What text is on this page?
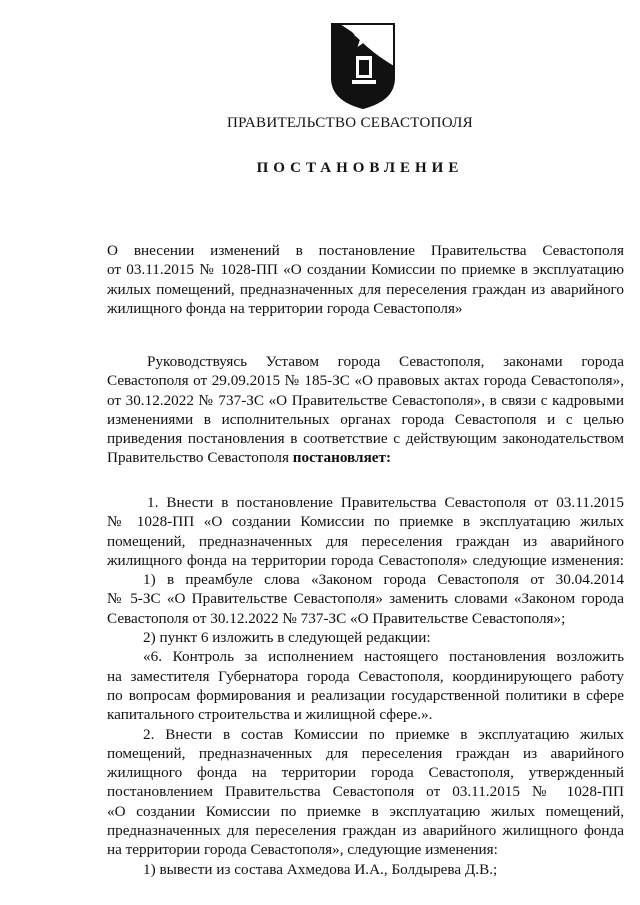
ПРАВИТЕЛЬСТВО СЕВАСТОПОЛЯ
ПОСТАНОВЛЕНИЕ
О внесении изменений в постановление Правительства Севастополя
от 03.11.2015 № 1028-ПП «О создании Комиссии по приемке в эксплуатацию
жилых помещений, предназначенных для переселения граждан из аварийного
жилищного фонда на территории города Севастополя»
Руководствуясь Уставом города Севастополя, законами города
Севастополя от 29.09.2015 № 185-ЗС «О правовых актах города Севастополя»,
от 30.12.2022 № 737-ЗС «О Правительстве Севастополя», в связи с кадровыми
изменениями в исполнительных органах города Севастополя и с целью
приведения постановления в соответствие с действующим законодательством
Правительство Севастополя постановляет:
1. Внести в постановление Правительства Севастополя от 03.11.2015
№ 1028-ПП «О создании Комиссии по приемке в эксплуатацию жилых
помещений, предназначенных для переселения граждан из аварийного
жилищного фонда на территории города Севастополя» следующие изменения:
1) в преамбуле слова «Законом города Севастополя от 30.04.2014
№ 5-ЗС «О Правительстве Севастополя» заменить словами «Законом города
Севастополя от 30.12.2022 № 737-ЗС «О Правительстве Севастополя»;
2) пункт 6 изложить в следующей редакции:
«6. Контроль за исполнением настоящего постановления возложить
на заместителя Губернатора города Севастополя, координирующего работу
по вопросам формирования и реализации государственной политики в сфере
капитального строительства и жилищной сфере.».
2. Внести в состав Комиссии по приемке в эксплуатацию жилых
помещений, предназначенных для переселения граждан из аварийного
жилищного фонда на территории города Севастополя, утвержденный
постановлением Правительства Севастополя от 03.11.2015 № 1028-ПП
«О создании Комиссии по приемке в эксплуатацию жилых помещений,
предназначенных для переселения граждан из аварийного жилищного фонда
на территории города Севастополя», следующие изменения:
1) вывести из состава Ахмедова И.А., Болдырева Д.В.;
